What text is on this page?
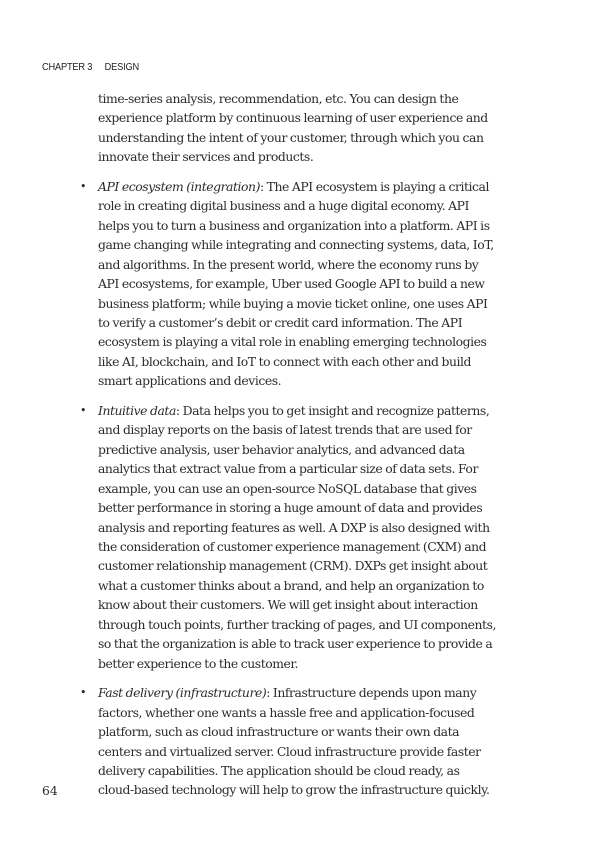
CHAPTER 3 DESIGN

time-series analysis, recommendation, etc. You can design the experience platform by continuous learning of user experience and understanding the intent of your customer, through which you can innovate their services and products.

• API ecosystem (integration): The API ecosystem is playing a critical role in creating digital business and a huge digital economy. API helps you to turn a business and organization into a platform. API is game changing while integrating and connecting systems, data, IoT, and algorithms. In the present world, where the economy runs by API ecosystems, for example, Uber used Google API to build a new business platform; while buying a movie ticket online, one uses API to verify a customer’s debit or credit card information. The API ecosystem is playing a vital role in enabling emerging technologies like AI, blockchain, and IoT to connect with each other and build smart applications and devices.
• Intuitive data: Data helps you to get insight and recognize patterns, and display reports on the basis of latest trends that are used for predictive analysis, user behavior analytics, and advanced data analytics that extract value from a particular size of data sets. For example, you can use an open-source NoSQL database that gives better performance in storing a huge amount of data and provides analysis and reporting features as well. A DXP is also designed with the consideration of customer experience management (CXM) and customer relationship management (CRM). DXPs get insight about what a customer thinks about a brand, and help an organization to know about their customers. We will get insight about interaction through touch points, further tracking of pages, and UI components, so that the organization is able to track user experience to provide a better experience to the customer.
• Fast delivery (infrastructure): Infrastructure depends upon many factors, whether one wants a hassle free and application-focused platform, such as cloud infrastructure or wants their own data centers and virtualized server. Cloud infrastructure provide faster delivery capabilities. The application should be cloud ready, as cloud-based technology will help to grow the infrastructure quickly.
64
